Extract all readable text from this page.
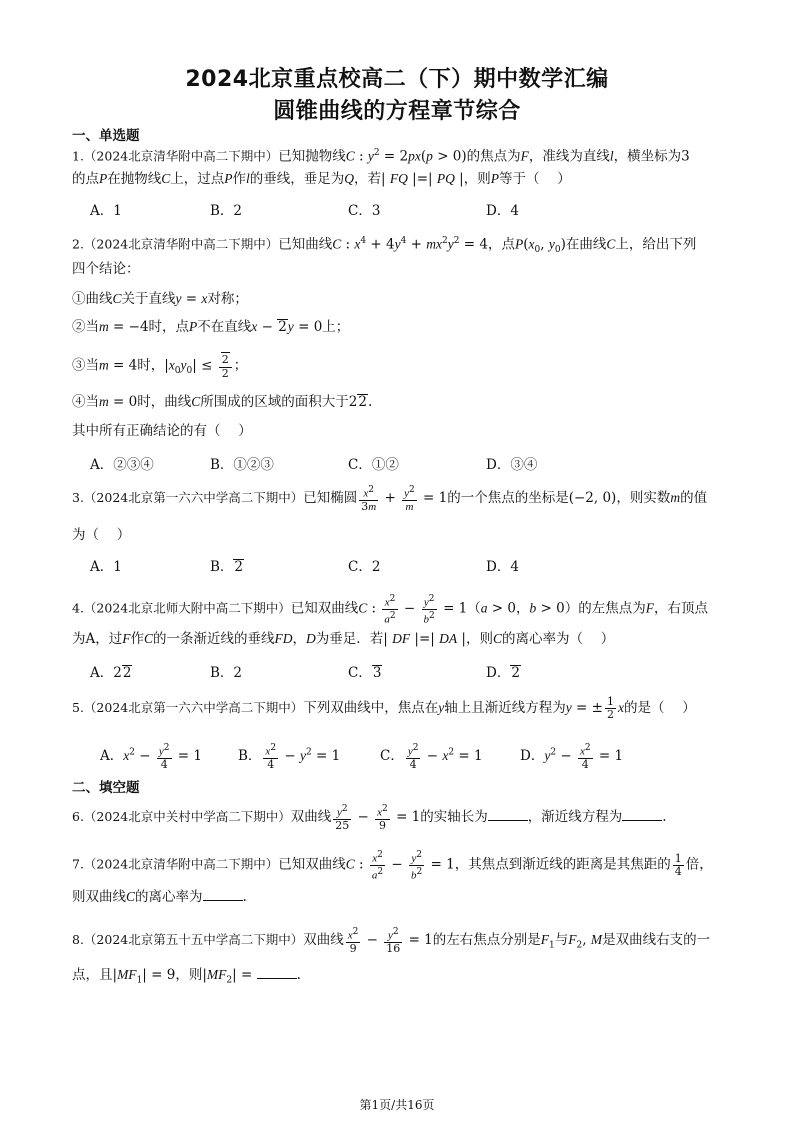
2024北京重点校高二（下）期中数学汇编
圆锥曲线的方程章节综合
一、单选题
1.（2024北京清华附中高二下期中）已知抛物线C : $y^2 = 2px(p > 0)$的焦点为F，准线为直线l，横坐标为3
的点P在抛物线C上，过点P作l的垂线，垂足为Q，若| FQ |=| PQ |，则P等于（　 ）
A．1	B．2	C．3	D．4
2.（2024北京清华附中高二下期中）已知曲线C : $x^4 + 4y^4 + mx^2y^2 = 4$，点$P(x_0$, $y_0$)在曲线C上，给出下列
四个结论：
①曲线C关于直线y = x对称；
②当m = −4时，点P不在直线x − 2y = 0上；
③当m = 4时，$|x_0y_0| \le \frac{2}{2}$ ；
④当m = 0时，曲线C所围成的区域的面积大于22.
其中所有正确结论的有（　 ）
A．②③④	B．①②③	C．①②	D．③④
3.（2024北京第一六六中学高二下期中）已知椭圆 $\frac{x^2}{3m} + \frac{y^2}{m} = 1$的一个焦点的坐标是(−2, 0)，则实数m的值
为（　 ）
A．1	B．2	C．2	D．4
4.（2024北京北师大附中高二下期中）已知双曲线C : $\frac{x^2}{a^2} - \frac{y^2}{b^2} = 1(a > 0$，b > 0）的左焦点为F，右顶点
为A，过F作C的一条渐近线的垂线FD，D为垂足．若| DF |=| DA |，则C的离心率为（　 ）
A．22	B．2	C．3	D．2
5.（2024北京第一六六中学高二下期中）下列双曲线中，焦点在y轴上且渐近线方程为y = ± $\frac{1}{2}$ x的是（　 ）
A．$x^2 - \frac{y^2}{4} = 1$	B． $\frac{x^2}{4} - y^2 = 1$	C． $\frac{y^2}{4} - x^2 = 1$	D．$y^2 - \frac{x^2}{4} = 1$
二、填空题
6.（2024北京中关村中学高二下期中）双曲线 $\frac{y^2}{25} - \frac{x^2}{9} = 1$的实轴长为	，渐近线方程为	.
7.（2024北京清华附中高二下期中）已知双曲线C : $\frac{x^2}{a^2} - \frac{y^2}{b^2} = 1$，其焦点到渐近线的距离是其焦距的 $\frac{1}{4}$ 倍，
则双曲线C的离心率为	.
8.（2024北京第五十五中学高二下期中）双曲线 $\frac{x^2}{9} - \frac{y^2}{16} = 1$的左右焦点分别是$F_1$与$F_2$, M是双曲线右支的一
点，且$|MF_1| = 9$，则$|MF_2|$ =	.
第1页/共16页
